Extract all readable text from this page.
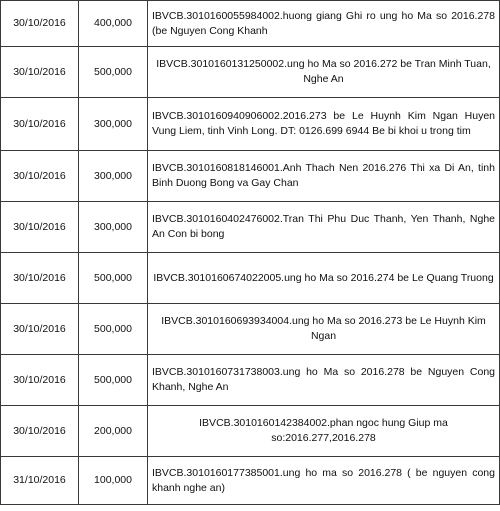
30/10/2016	400,000	IBVCB.3010160055984002.huong giang Ghi ro ung ho Ma so 2016.278 (be Nguyen Cong Khanh
30/10/2016	500,000	IBVCB.3010160131250002.ung ho Ma so 2016.272 be Tran Minh Tuan, Nghe An
30/10/2016	300,000	IBVCB.3010160940906002.2016.273 be Le Huynh Kim Ngan Huyen Vung Liem, tinh Vinh Long. DT: 0126.699 6944 Be bi khoi u trong tim
30/10/2016	300,000	IBVCB.3010160818146001.Anh Thach Nen 2016.276 Thi xa Di An, tinh Binh Duong Bong va Gay Chan
30/10/2016	300,000	IBVCB.3010160402476002.Tran Thi Phu Duc Thanh, Yen Thanh, Nghe An Con bi bong
30/10/2016	500,000	IBVCB.3010160674022005.ung ho Ma so 2016.274 be Le Quang Truong
30/10/2016	500,000	IBVCB.3010160693934004.ung ho Ma so 2016.273 be Le Huynh Kim Ngan
30/10/2016	500,000	IBVCB.3010160731738003.ung ho Ma so 2016.278 be Nguyen Cong Khanh, Nghe An
30/10/2016	200,000	IBVCB.3010160142384002.phan ngoc hung Giup ma so:2016.277,2016.278
31/10/2016	100,000	IBVCB.3010160177385001.ung ho ma so 2016.278 ( be nguyen cong khanh nghe an)
